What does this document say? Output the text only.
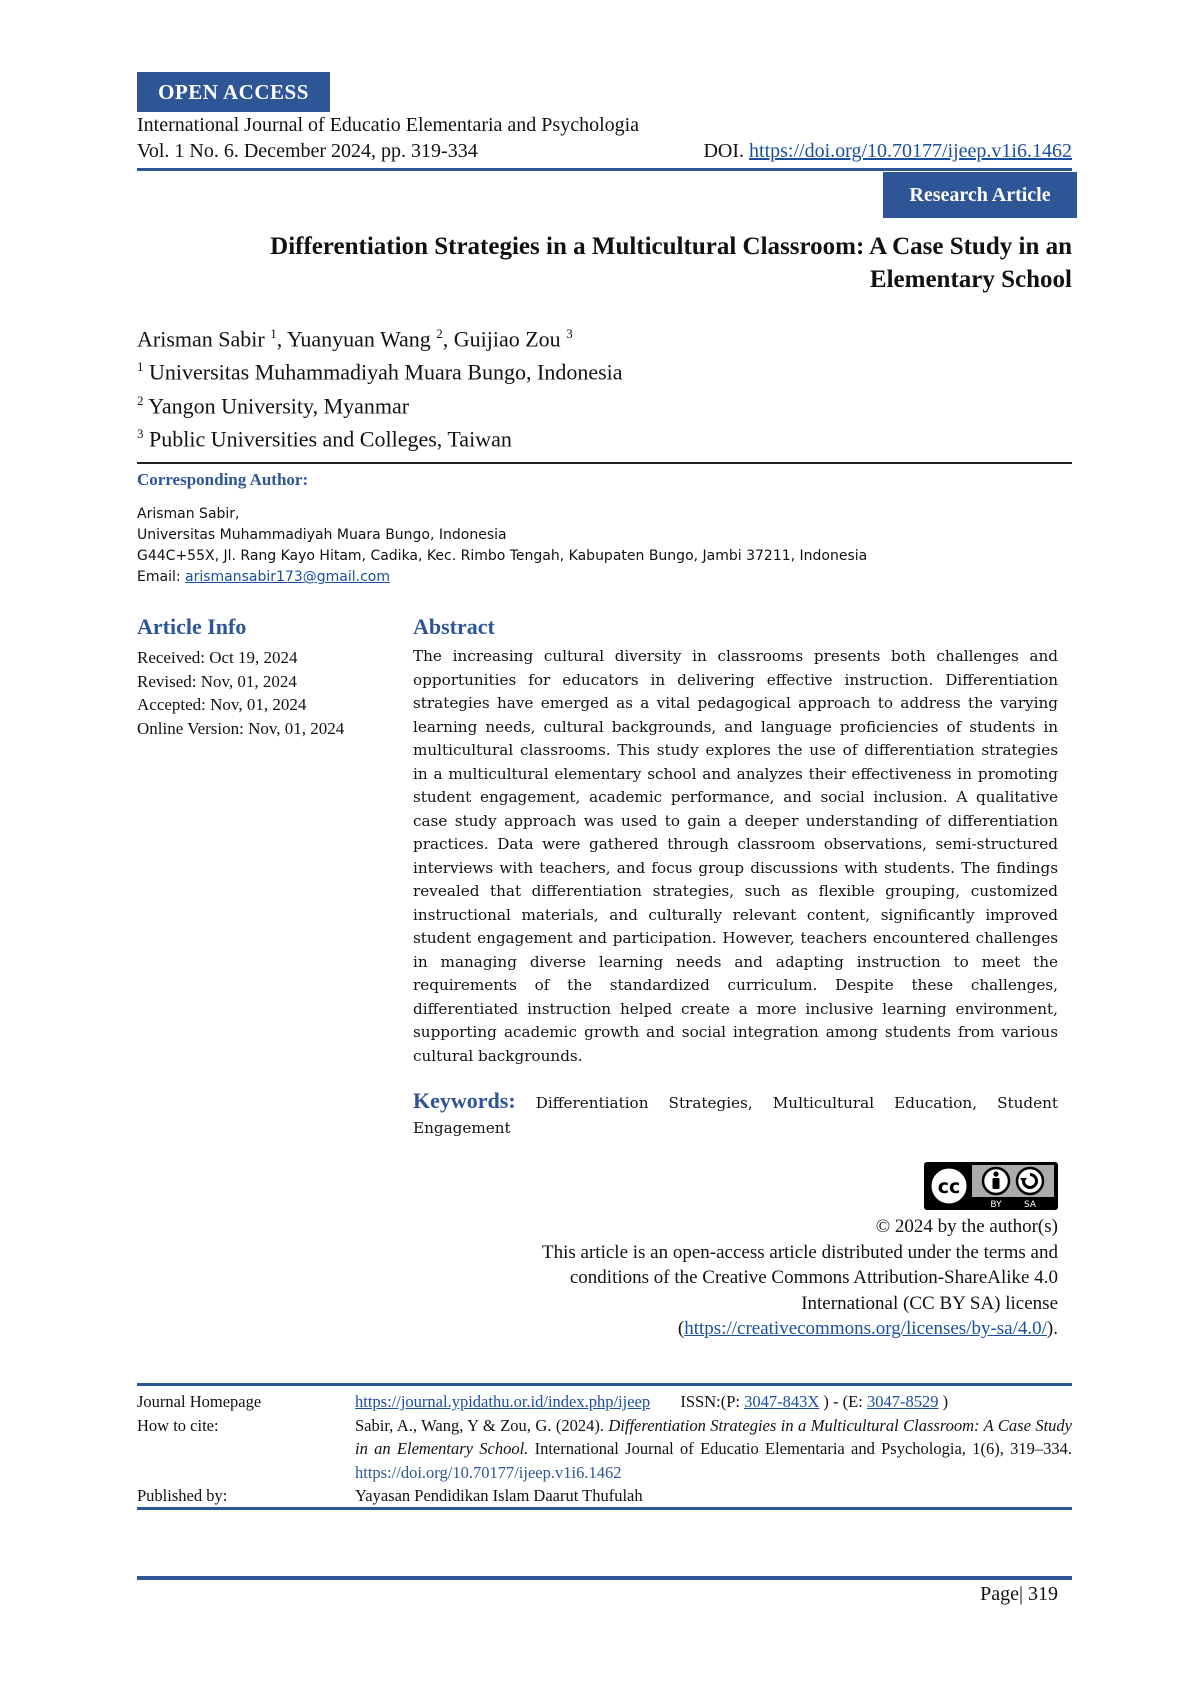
OPEN ACCESS
International Journal of Educatio Elementaria and Psychologia
Vol. 1 No. 6. December 2024, pp. 319-334	DOI. https://doi.org/10.70177/ijeep.v1i6.1462
Research Article
Differentiation Strategies in a Multicultural Classroom: A Case Study in an
Elementary School
Arisman Sabir $^1$, Yuanyuan Wang $^2$, Guijiao Zou $^3$
$^1$ Universitas Muhammadiyah Muara Bungo, Indonesia
$^2$ Yangon University, Myanmar
$^3$ Public Universities and Colleges, Taiwan
Corresponding Author:
Arisman Sabir,
Universitas Muhammadiyah Muara Bungo, Indonesia
G44C+55X, Jl. Rang Kayo Hitam, Cadika, Kec. Rimbo Tengah, Kabupaten Bungo, Jambi 37211, Indonesia
Email: arismansabir173@gmail.com
Article Info
Received: Oct 19, 2024
Revised: Nov, 01, 2024
Accepted: Nov, 01, 2024
Online Version: Nov, 01, 2024
Abstract
The increasing cultural diversity in classrooms presents both challenges and opportunities for educators in delivering effective instruction. Differentiation strategies have emerged as a vital pedagogical approach to address the varying learning needs, cultural backgrounds, and language proficiencies of students in multicultural classrooms. This study explores the use of differentiation strategies in a multicultural elementary school and analyzes their effectiveness in promoting student engagement, academic performance, and social inclusion. A qualitative case study approach was used to gain a deeper understanding of differentiation practices. Data were gathered through classroom observations, semi-structured interviews with teachers, and focus group discussions with students. The findings revealed that differentiation strategies, such as flexible grouping, customized instructional materials, and culturally relevant content, significantly improved student engagement and participation. However, teachers encountered challenges in managing diverse learning needs and adapting instruction to meet the requirements of the standardized curriculum. Despite these challenges, differentiated instruction helped create a more inclusive learning environment, supporting academic growth and social integration among students from various cultural backgrounds.
Keywords: Differentiation Strategies, Multicultural Education, Student Engagement
cc
BY SA
© 2024 by the author(s)
This article is an open-access article distributed under the terms and
conditions of the Creative Commons Attribution-ShareAlike 4.0
International (CC BY SA) license
(https://creativecommons.org/licenses/by-sa/4.0/).
Journal Homepage	https://journal.ypidathu.or.id/index.php/ijeep ISSN:(P: 3047-843X ) - (E: 3047-8529 )
How to cite:	Sabir, A., Wang, Y & Zou, G. (2024). Differentiation Strategies in a Multicultural Classroom: A Case Study in an Elementary School. International Journal of Educatio Elementaria and Psychologia, 1(6), 319–334. https://doi.org/10.70177/ijeep.v1i6.1462
Published by:	Yayasan Pendidikan Islam Daarut Thufulah
Page| 319
